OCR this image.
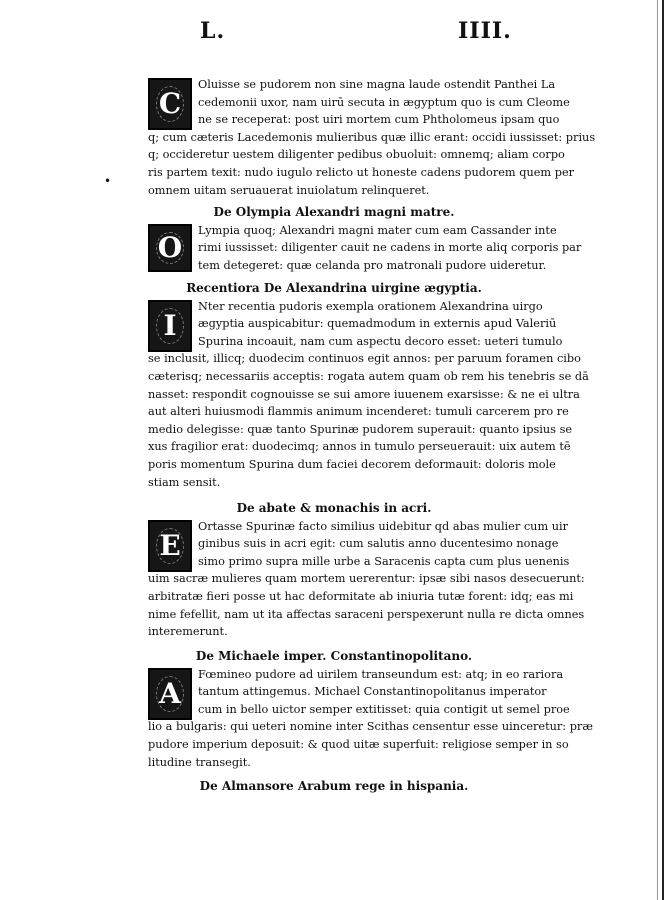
L.	IIII.
•
C
Oluisse se pudorem non sine magna laude ostendit Panthei La
cedemonii uxor, nam uirū secuta in ægyptum quo is cum Cleome
ne se receperat: post uiri mortem cum Phtholomeus ipsam quo
q; cum cæteris Lacedemonis mulieribus quæ illic erant: occidi iussisset: prius
q; occideretur uestem diligenter pedibus obuoluit: omnemq; aliam corpo
ris partem texit: nudo iugulo relicto ut honeste cadens pudorem quem per
omnem uitam seruauerat inuiolatum relinqueret.
De Olympia Alexandri magni matre.
O
Lympia quoq; Alexandri magni mater cum eam Cassander inte
rimi iussisset: diligenter cauit ne cadens in morte aliq corporis par
tem detegeret: quæ celanda pro matronali pudore uideretur.
Recentiora De Alexandrina uirgine ægyptia.
I
Nter recentia pudoris exempla orationem Alexandrina uirgo
ægyptia auspicabitur: quemadmodum in externis apud Valeriū
Spurina incoauit, nam cum aspectu decoro esset: ueteri tumulo
se inclusit, illicq; duodecim continuos egit annos: per paruum foramen cibo
cæterisq; necessariis acceptis: rogata autem quam ob rem his tenebris se dā
nasset: respondit cognouisse se sui amore iuuenem exarsisse: & ne ei ultra
aut alteri huiusmodi flammis animum incenderet: tumuli carcerem pro re
medio delegisse: quæ tanto Spurinæ pudorem superauit: quanto ipsius se
xus fragilior erat: duodecimq; annos in tumulo perseuerauit: uix autem tē
poris momentum Spurina dum faciei decorem deformauit: doloris mole
stiam sensit.
De abate & monachis in acri.
E
Ortasse Spurinæ facto similius uidebitur qd abas mulier cum uir
ginibus suis in acri egit: cum salutis anno ducentesimo nonage
simo primo supra mille urbe a Saracenis capta cum plus uenenis
uim sacræ mulieres quam mortem uererentur: ipsæ sibi nasos desecuerunt:
arbitratæ fieri posse ut hac deformitate ab iniuria tutæ forent: idq; eas mi
nime fefellit, nam ut ita affectas saraceni perspexerunt nulla re dicta omnes
interemerunt.
De Michaele imper. Constantinopolitano.
A
Fœmineo pudore ad uirilem transeundum est: atq; in eo rariora
tantum attingemus. Michael Constantinopolitanus imperator
cum in bello uictor semper extitisset: quia contigit ut semel proe
lio a bulgaris: qui ueteri nomine inter Scithas censentur esse uinceretur: præ
pudore imperium deposuit: & quod uitæ superfuit: religiose semper in so
litudine transegit.
De Almansore Arabum rege in hispania.
